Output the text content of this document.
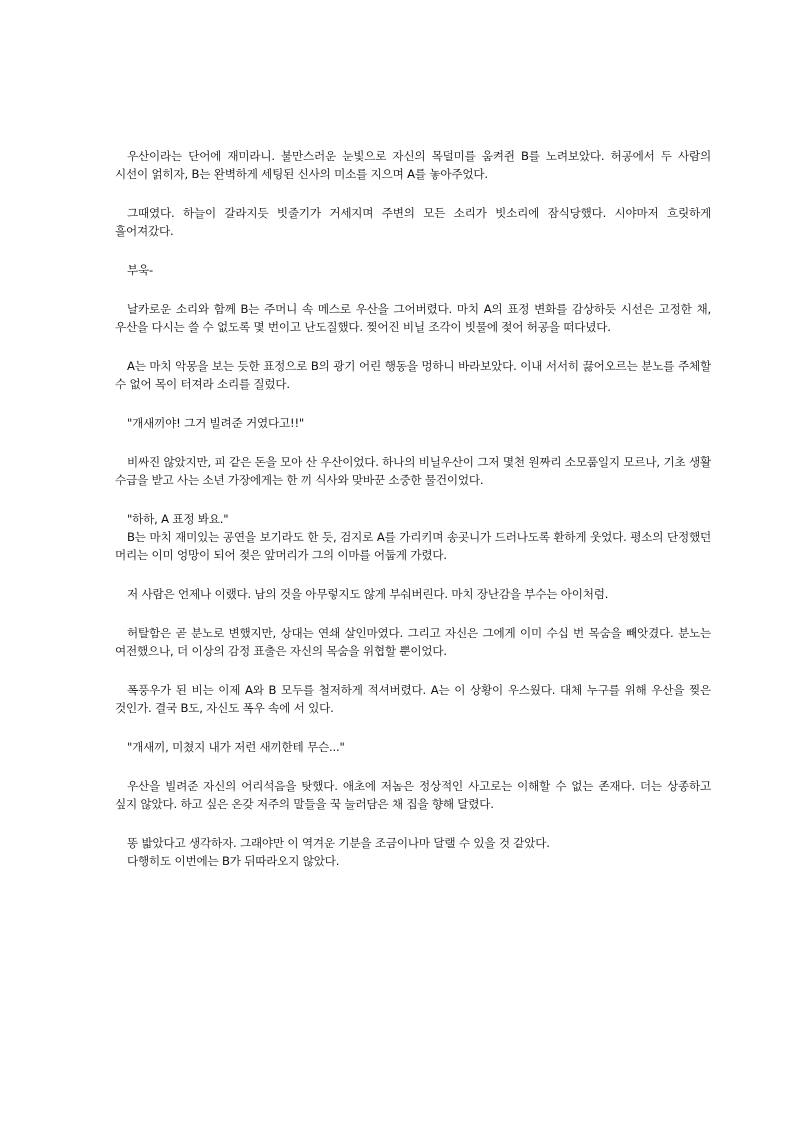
우산이라는 단어에 재미라니. 불만스러운 눈빛으로 자신의 목덜미를 움켜쥔 B를 노려보았다. 허공에서 두 사람의 시선이 얽히자, B는 완벽하게 세팅된 신사의 미소를 지으며 A를 놓아주었다.

그때였다. 하늘이 갈라지듯 빗줄기가 거세지며 주변의 모든 소리가 빗소리에 잠식당했다. 시야마저 흐릿하게 흘어져갔다.

부욱-

날카로운 소리와 함께 B는 주머니 속 메스로 우산을 그어버렸다. 마치 A의 표정 변화를 감상하듯 시선은 고정한 채, 우산을 다시는 쓸 수 없도록 몇 번이고 난도질했다. 찢어진 비닐 조각이 빗물에 젖어 허공을 떠다녔다.

A는 마치 악몽을 보는 듯한 표정으로 B의 광기 어린 행동을 멍하니 바라보았다. 이내 서서히 끓어오르는 분노를 주체할 수 없어 목이 터져라 소리를 질렀다.

"개새끼야! 그거 빌려준 거였다고!!"

비싸진 않았지만, 피 같은 돈을 모아 산 우산이었다. 하나의 비닐우산이 그저 몇천 원짜리 소모품일지 모르나, 기초 생활 수급을 받고 사는 소년 가장에게는 한 끼 식사와 맞바꾼 소중한 물건이었다.

"하하, A 표정 봐요."

B는 마치 재미있는 공연을 보기라도 한 듯, 검지로 A를 가리키며 송곳니가 드러나도록 환하게 웃었다. 평소의 단정했던 머리는 이미 엉망이 되어 젖은 앞머리가 그의 이마를 어둡게 가렸다.

저 사람은 언제나 이랬다. 남의 것을 아무렇지도 않게 부숴버린다. 마치 장난감을 부수는 아이처럼.

허탈함은 곧 분노로 변했지만, 상대는 연쇄 살인마였다. 그리고 자신은 그에게 이미 수십 번 목숨을 빼앗겼다. 분노는 여전했으나, 더 이상의 감정 표출은 자신의 목숨을 위협할 뿐이었다.

폭풍우가 된 비는 이제 A와 B 모두를 철저하게 적셔버렸다. A는 이 상황이 우스웠다. 대체 누구를 위해 우산을 찢은 것인가. 결국 B도, 자신도 폭우 속에 서 있다.

"개새끼, 미쳤지 내가 저런 새끼한테 무슨..."

우산을 빌려준 자신의 어리석음을 탓했다. 애초에 저놈은 정상적인 사고로는 이해할 수 없는 존재다. 더는 상종하고 싶지 않았다. 하고 싶은 온갖 저주의 말들을 꾹 눌러담은 채 집을 향해 달렸다.

똥 밟았다고 생각하자. 그래야만 이 역겨운 기분을 조금이나마 달랠 수 있을 것 같았다.

다행히도 이번에는 B가 뒤따라오지 않았다.
